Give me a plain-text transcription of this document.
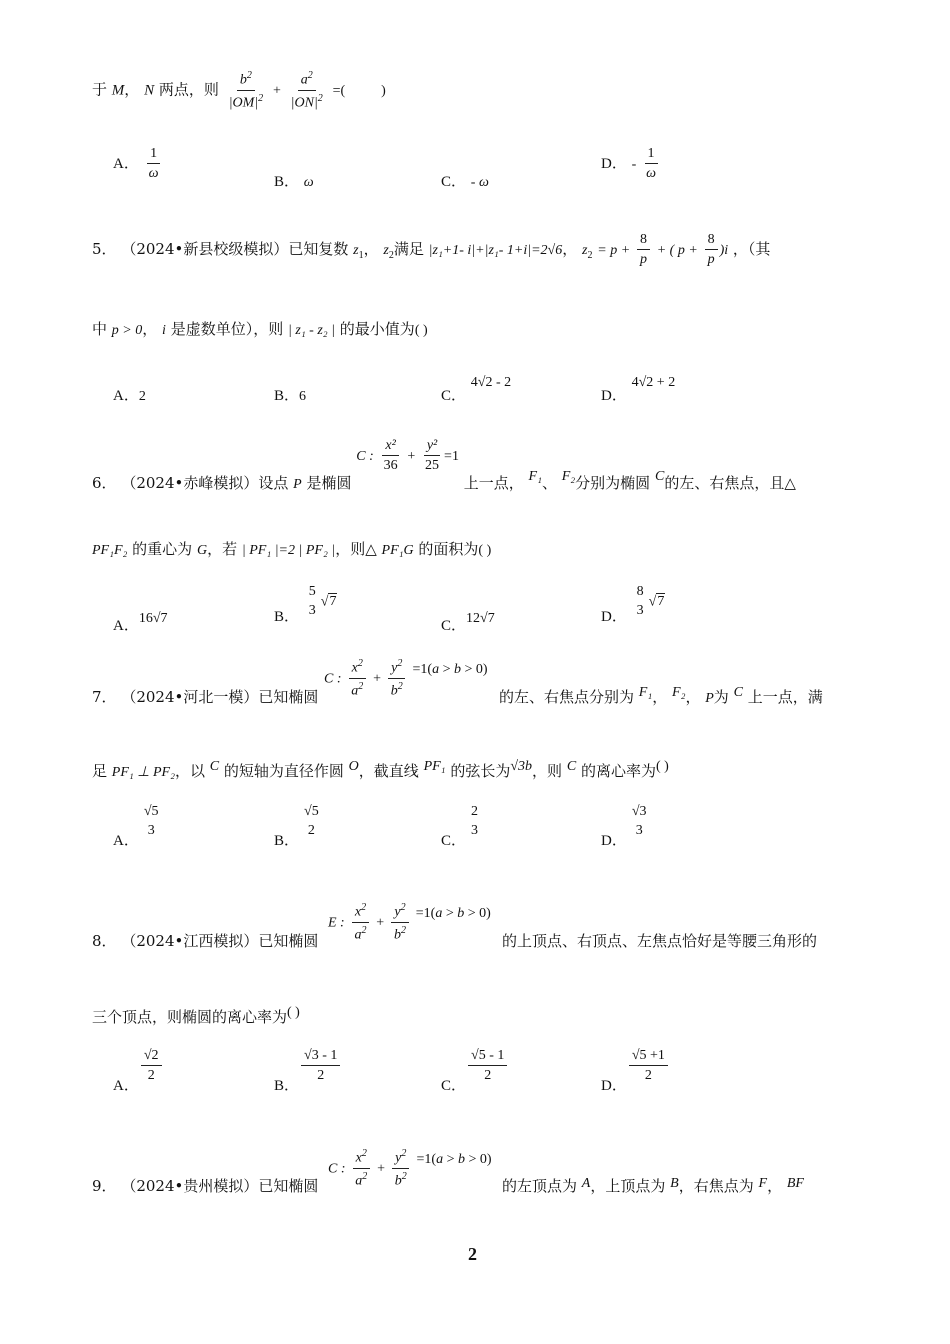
于 M， N 两点，则 $\frac{b^2}{|OM|^2} + \frac{a^2}{|ON|^2}$ =(	)
A． $\frac{1}{\omega}$
B． ω	C． - ω
D． - $\frac{1}{\omega}$
5． （2024•新县校级模拟）已知复数 $z_1$， $z_2$满足 |z₁+1- i|+|z₁- 1+i|=2√6， $z_2 = p + \frac{8}{p}$ + ( $p + \frac{8}{p} )i$ ，（其
中 p > 0， i 是虚数单位），则 | z₁ - z₂ | 的最小值为( )
A．2	B．6	C． 4√2 - 2
D． 4√2 + 2
6． （2024•赤峰模拟）设点 P 是椭圆 C : $\frac{\text{x²}}{36} + \frac{\text{y²}}{25} =1$ 上一点， F₁、 F₂分别为椭圆 C的左、右焦点，且△
PF₁F₂ 的重心为 G，若 | PF₁ |=2 | PF₂ |，则△ PF₁G 的面积为( )
A．16√7	B．
5
3
√7
C．12√7	D．
8
3
√7
7． （2024•河北一模）已知椭圆
C : $\frac{x^2}{a^2} + \frac{y^2}{b^2} =1(a > b > 0)$
的左、右焦点分别为 F₁， F₂， P为 C 上一点，满
足 PF₁ ⊥ PF₂，以 C 的短轴为直径作圆 O，截直线 PF₁ 的弦长为√3b，则 C 的离心率为( )
A．
√5
3
B．
√5
2
C．
2
3
D．
√3
3
8． （2024•江西模拟）已知椭圆
E : $\frac{x^2}{a^2} + \frac{y^2}{b^2} =1(a > b > 0)$
的上顶点、右顶点、左焦点恰好是等腰三角形的
三个顶点，则椭圆的离心率为( )
A．
$\frac{√2}{2}$
B．
$\frac{√3 - 1}{2}$
C．
$\frac{√5 - 1}{2}$
D．
$\frac{√5 +1}{2}$
9． （2024•贵州模拟）已知椭圆
C : $\frac{x^2}{a^2} + \frac{y^2}{b^2} =1(a > b > 0)$
的左顶点为 A，上顶点为 B，右焦点为 F， BF
2
